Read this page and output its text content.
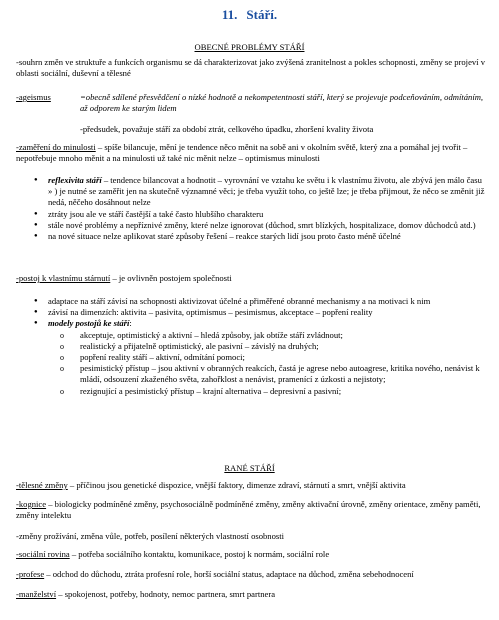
11. Stáří.
OBECNÉ PROBLÉMY STÁŘÍ

-souhrn změn ve struktuře a funkcích organismu se dá charakterizovat jako zvýšená zranitelnost a pokles schopnosti, změny se projeví v oblasti sociální, duševní a tělesné

-ageismus	=obecně sdílené přesvědčení o nízké hodnotě a nekompetentnosti stáří, který se projevuje podceňováním, odmítáním, až odporem ke starým lidem
-předsudek, považuje stáří za období ztrát, celkového úpadku, zhoršení kvality života

-zaměření do minulosti – spíše bilancuje, mění je tendence něco měnit na sobě ani v okolním světě, který zna a pomáhal jej tvořit – nepotřebuje mnoho měnit a na minulosti už také nic měnit nelze – optimismus minulosti

● reflexivita stáří – tendence bilancovat a hodnotit – vyrovnání ve vztahu ke světu i k vlastnímu životu, ale zbývá jen málo času » ) je nutné se zaměřit jen na skutečně významné věci; je třeba využít toho, co ještě lze; je třeba přijmout, že něco se změnit již nedá, něčeho dosáhnout nelze
● ztráty jsou ale ve stáří častější a také často hlubšího charakteru
● stále nové problémy a nepříznivé změny, které nelze ignorovat (důchod, smrt blízkých, hospitalizace, domov důchodců atd.)
● na nové situace nelze aplikovat staré způsoby řešení – reakce starých lidí jsou proto často méně účelné

-postoj k vlastnímu stárnutí – je ovlivněn postojem společnosti

● adaptace na stáří závisí na schopnosti aktivizovat účelné a přiměřené obranné mechanismy a na motivaci k nim
● závisí na dimenzích: aktivita – pasivita, optimismus – pesimismus, akceptace – popření reality
● modely postojů ke stáří:
o akceptuje, optimistický a aktivní – hledá způsoby, jak obtíže stáří zvládnout;
o realistický a přijatelně optimistický, ale pasivní – závislý na druhých;
o popření reality stáří – aktivní, odmítání pomoci;
o pesimistický přístup – jsou aktivní v obranných reakcích, častá je agrese nebo autoagrese, kritika nového, nenávist k mládí, odsouzení zkaženého světa, zahořklost a nenávist, pramenící z úzkosti a nejistoty;
o rezignující a pesimistický přístup – krajní alternativa – depresivní a pasivní;
RANÉ STÁŘÍ

-tělesné změny – příčinou jsou genetické dispozice, vnější faktory, dimenze zdraví, stárnutí a smrt, vnější aktivita

-kognice – biologicky podmíněné změny, psychosociálně podmíněné změny, změny aktivační úrovně, změny orientace, změny paměti, změny intelektu

-změny prožívání, změna vůle, potřeb, posílení některých vlastností osobnosti

-sociální rovina – potřeba sociálního kontaktu, komunikace, postoj k normám, sociální role

-profese – odchod do důchodu, ztráta profesní role, horší sociální status, adaptace na důchod, změna sebehodnocení

-manželství – spokojenost, potřeby, hodnoty, nemoc partnera, smrt partnera
